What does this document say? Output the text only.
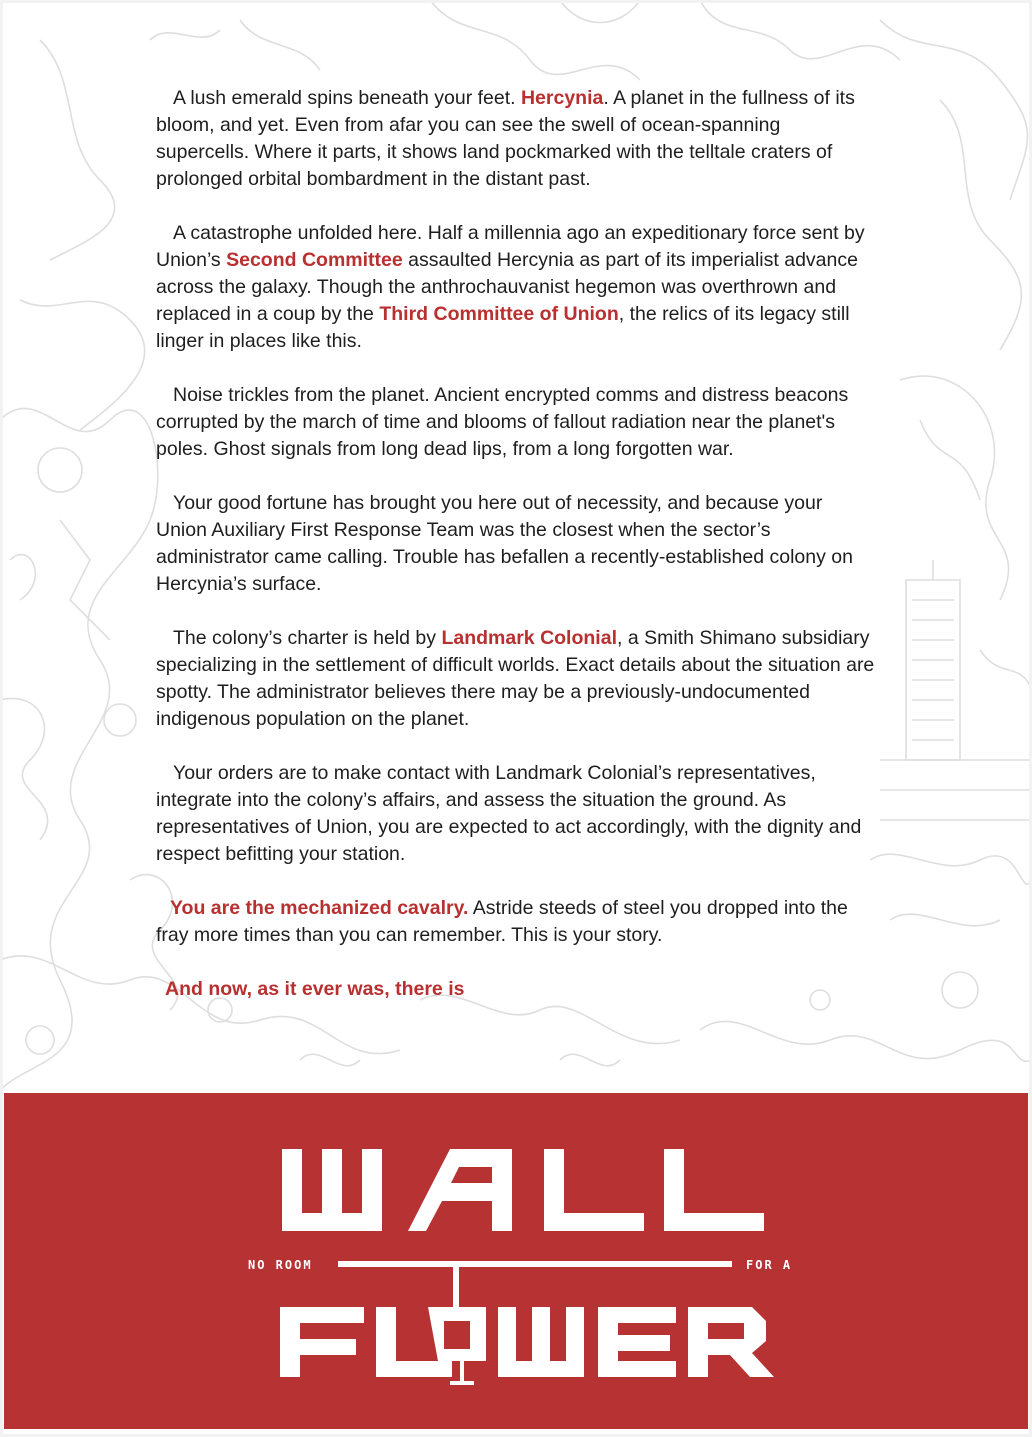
A lush emerald spins beneath your feet. Hercynia. A planet in the fullness of its bloom, and yet. Even from afar you can see the swell of ocean-spanning supercells. Where it parts, it shows land pockmarked with the telltale craters of prolonged orbital bombardment in the distant past.

A catastrophe unfolded here. Half a millennia ago an expeditionary force sent by Union’s Second Committee assaulted Hercynia as part of its imperialist advance across the galaxy. Though the anthrochauvanist hegemon was overthrown and replaced in a coup by the Third Committee of Union, the relics of its legacy still linger in places like this.

Noise trickles from the planet. Ancient encrypted comms and distress beacons corrupted by the march of time and blooms of fallout radiation near the planet's poles. Ghost signals from long dead lips, from a long forgotten war.

Your good fortune has brought you here out of necessity, and because your Union Auxiliary First Response Team was the closest when the sector’s administrator came calling. Trouble has befallen a recently-established colony on Hercynia’s surface.

The colony’s charter is held by Landmark Colonial, a Smith Shimano subsidiary specializing in the settlement of difficult worlds. Exact details about the situation are spotty. The administrator believes there may be a previously-undocumented indigenous population on the planet.

Your orders are to make contact with Landmark Colonial’s representatives, integrate into the colony’s affairs, and assess the situation the ground. As representatives of Union, you are expected to act accordingly, with the dignity and respect befitting your station.

You are the mechanized cavalry. Astride steeds of steel you dropped into the fray more times than you can remember. This is your story.

And now, as it ever was, there is

NO ROOM	FOR A
